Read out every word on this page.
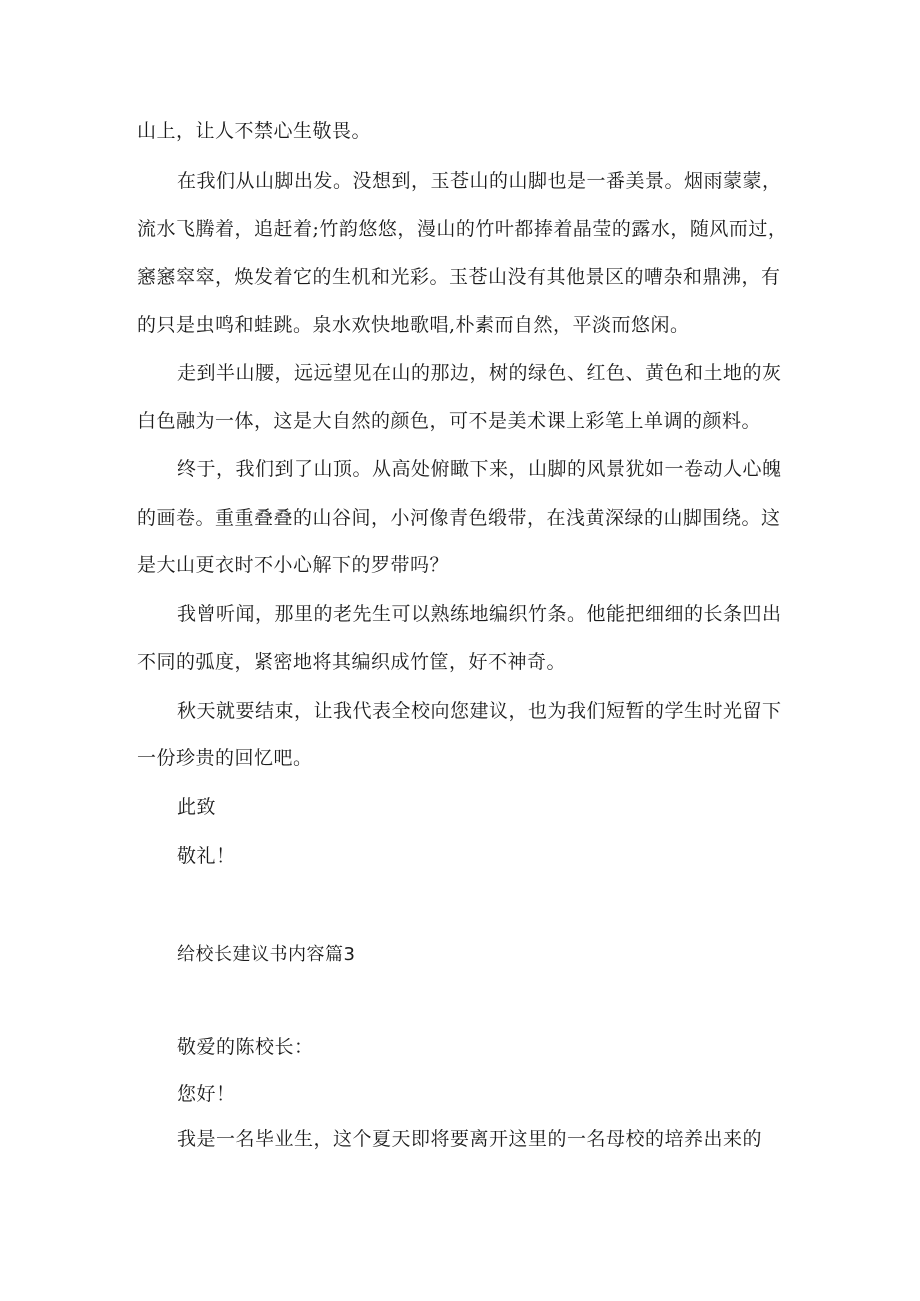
山上，让人不禁心生敬畏。
在我们从山脚出发。没想到，玉苍山的山脚也是一番美景。烟雨蒙蒙，
流水飞腾着，追赶着;竹韵悠悠，漫山的竹叶都捧着晶莹的露水，随风而过，
窸窸窣窣，焕发着它的生机和光彩。玉苍山没有其他景区的嘈杂和鼎沸，有
的只是虫鸣和蛙跳。泉水欢快地歌唱,朴素而自然，平淡而悠闲。
走到半山腰，远远望见在山的那边，树的绿色、红色、黄色和土地的灰
白色融为一体，这是大自然的颜色，可不是美术课上彩笔上单调的颜料。
终于，我们到了山顶。从高处俯瞰下来，山脚的风景犹如一卷动人心魄
的画卷。重重叠叠的山谷间，小河像青色缎带，在浅黄深绿的山脚围绕。这
是大山更衣时不小心解下的罗带吗？
我曾听闻，那里的老先生可以熟练地编织竹条。他能把细细的长条凹出
不同的弧度，紧密地将其编织成竹筐，好不神奇。
秋天就要结束，让我代表全校向您建议，也为我们短暂的学生时光留下
一份珍贵的回忆吧。
此致
敬礼！
给校长建议书内容篇3
敬爱的陈校长：
您好！
我是一名毕业生，这个夏天即将要离开这里的一名母校的培养出来的
